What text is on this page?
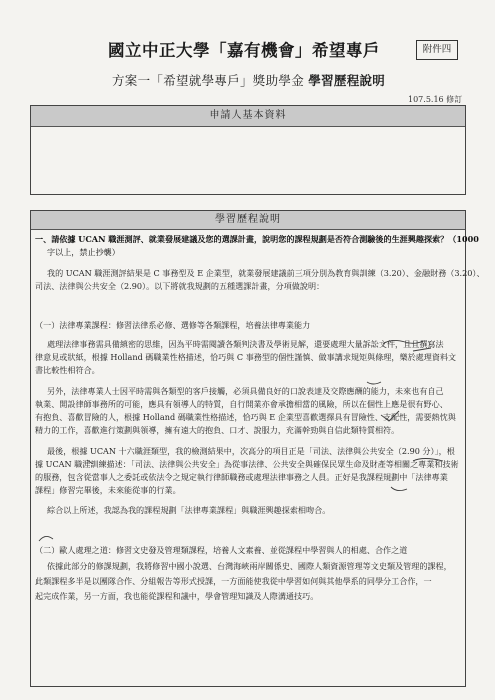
國立中正大學「嘉有機會」希望專戶	附件四
方案一「希望就學專戶」獎助學金 學習歷程說明
107.5.16 修訂
申請人基本資料
學習歷程說明
一、請依據 UCAN 職涯測評、就業發展建議及您的選課計畫，說明您的課程規劃是否符合測驗後的生涯興趣探索？（1000
字以上，禁止抄襲）
我的 UCAN 職涯測評結果是 C 事務型及 E 企業型，就業發展建議前三項分別為教育與訓練（3.20）、金融財務（3.20）、
司法、法律與公共安全（2.90）。以下將就我規劃的五種選課計畫，分項做說明：
（一）法律專業課程：修習法律系必修、選修等各類課程，培養法律專業能力
處理法律事務需具備縝密的思維，因為平時需閱讀各類判決書及學術見解，還要處理大量訴訟文件，且且撰寫法
律意見或狀紙，根據 Holland 碼職業性格描述，恰巧與 C 事務型的個性謹慎、做事講求規矩與條理，樂於處理資料文
書比較性相符合。
另外，法律專業人士因平時需與各類型的客戶接觸，必須具備良好的口說表達及交際應酬的能力，未來也有自己
執業、開設律師事務所的可能，應具有領導人的特質，自行開業亦會承擔相當的風險，所以在個性上應是很有野心、
有抱負、喜歡冒險的人，根據 Holland 碼職業性格描述，恰巧與 E 企業型喜歡選擇具有冒險性、支配性，需要熱忱與
精力的工作，喜歡進行策劃與領導，擁有遠大的抱負、口才、說服力，充滿幹勁與自信此類特質相符。
最後，根據 UCAN 十六職涯類型，我的檢測結果中，次高分的項目正是「司法、法律與公共安全（2.90 分）」，根
據 UCAN 職涯訓練描述：「司法、法律與公共安全」為從事法律、公共安全與確保民眾生命及財產等相關之專業和技術
的服務，包含從當事人之委託或依法令之規定執行律師職務或處理法律事務之人員。正好是我課程規劃中「法律專業
課程」修習完畢後，未來能從事的行業。
綜合以上所述，我認為我的課程規劃「法律專業課程」與職涯興趣探索相吻合。
（二）歐人處理之道：修習文史發及管理類課程，培養人文素養、並從課程中學習與人的相處、合作之道
依據此部分的修課規劃，我將修習中國小說選、台灣海峽兩岸關係史、國際人類資源管理等文史類及管理的課程，
此類課程多半是以團隊合作、分組報告等形式授課，一方面能使我從中學習如何與其他學系的同學分工合作，一
起完成作業，另一方面，我也能從課程和議中，學會管理知識及人際溝通技巧。
